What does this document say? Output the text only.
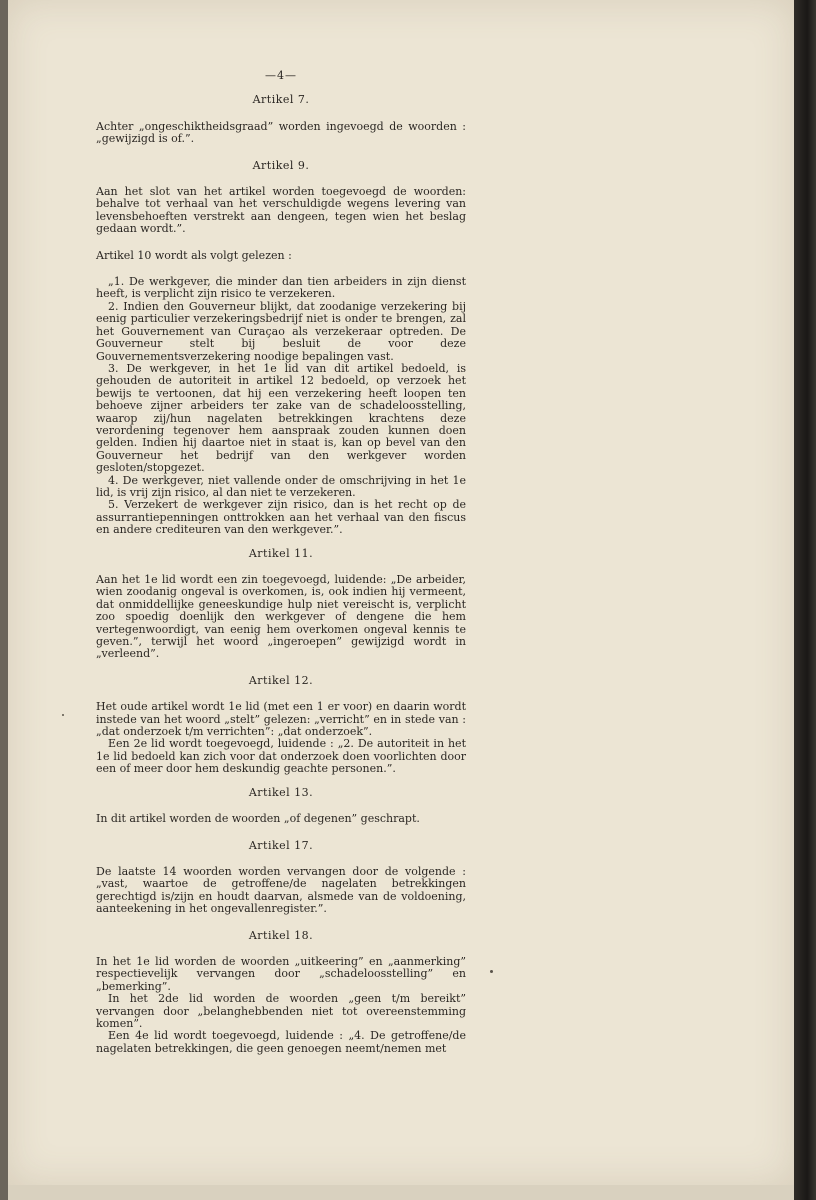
—4—
Artikel 7.

Achter „ongeschiktheidsgraad” worden ingevoegd de woorden : „gewijzigd is of.”.

Artikel 9.

Aan het slot van het artikel worden toegevoegd de woorden: behalve tot verhaal van het verschuldigde wegens levering van levensbehoeften verstrekt aan dengeen, tegen wien het beslag gedaan wordt.”.

Artikel 10 wordt als volgt gelezen :

„1. De werkgever, die minder dan tien arbeiders in zijn dienst heeft, is verplicht zijn risico te verzekeren.

2. Indien den Gouverneur blijkt, dat zoodanige verzekering bij eenig particulier verzekeringsbedrijf niet is onder te brengen, zal het Gouvernement van Curaçao als verzekeraar optreden. De Gouverneur stelt bij besluit de voor deze Gouvernementsverzekering noodige bepalingen vast.

3. De werkgever, in het 1e lid van dit artikel bedoeld, is gehouden de autoriteit in artikel 12 bedoeld, op verzoek het bewijs te vertoonen, dat hij een verzekering heeft loopen ten behoeve zijner arbeiders ter zake van de schadeloosstelling, waarop zij/hun nagelaten betrekkingen krachtens deze verordening tegenover hem aanspraak zouden kunnen doen gelden. Indien hij daartoe niet in staat is, kan op bevel van den Gouverneur het bedrijf van den werkgever worden gesloten/stopgezet.

4. De werkgever, niet vallende onder de omschrijving in het 1e lid, is vrij zijn risico, al dan niet te verzekeren.

5. Verzekert de werkgever zijn risico, dan is het recht op de assurrantiepenningen onttrokken aan het verhaal van den fiscus en andere crediteuren van den werkgever.”.

Artikel 11.

Aan het 1e lid wordt een zin toegevoegd, luidende: „De arbeider, wien zoodanig ongeval is overkomen, is, ook indien hij vermeent, dat onmiddellijke geneeskundige hulp niet vereischt is, verplicht zoo spoedig doenlijk den werkgever of dengene die hem vertegenwoordigt, van eenig hem overkomen ongeval kennis te geven.”, terwijl het woord „ingeroepen” gewijzigd wordt in „verleend”.

Artikel 12.

Het oude artikel wordt 1e lid (met een 1 er voor) en daarin wordt instede van het woord „stelt” gelezen: „verricht” en in stede van : „dat onderzoek t/m verrichten”: „dat onderzoek”.

Een 2e lid wordt toegevoegd, luidende : „2. De autoriteit in het 1e lid bedoeld kan zich voor dat onderzoek doen voorlichten door een of meer door hem deskundig geachte personen.”.

Artikel 13.

In dit artikel worden de woorden „of degenen” geschrapt.

Artikel 17.

De laatste 14 woorden worden vervangen door de volgende : „vast, waartoe de getroffene/de nagelaten betrekkingen gerechtigd is/zijn en houdt daarvan, alsmede van de voldoening, aanteekening in het ongevallenregister.”.

Artikel 18.

In het 1e lid worden de woorden „uitkeering” en „aanmerking” respectievelijk vervangen door „schadeloosstelling” en „bemerking”.

In het 2de lid worden de woorden „geen t/m bereikt” vervangen door „belanghebbenden niet tot overeenstemming komen”.

Een 4e lid wordt toegevoegd, luidende : „4. De getroffene/de nagelaten betrekkingen, die geen genoegen neemt/nemen met
